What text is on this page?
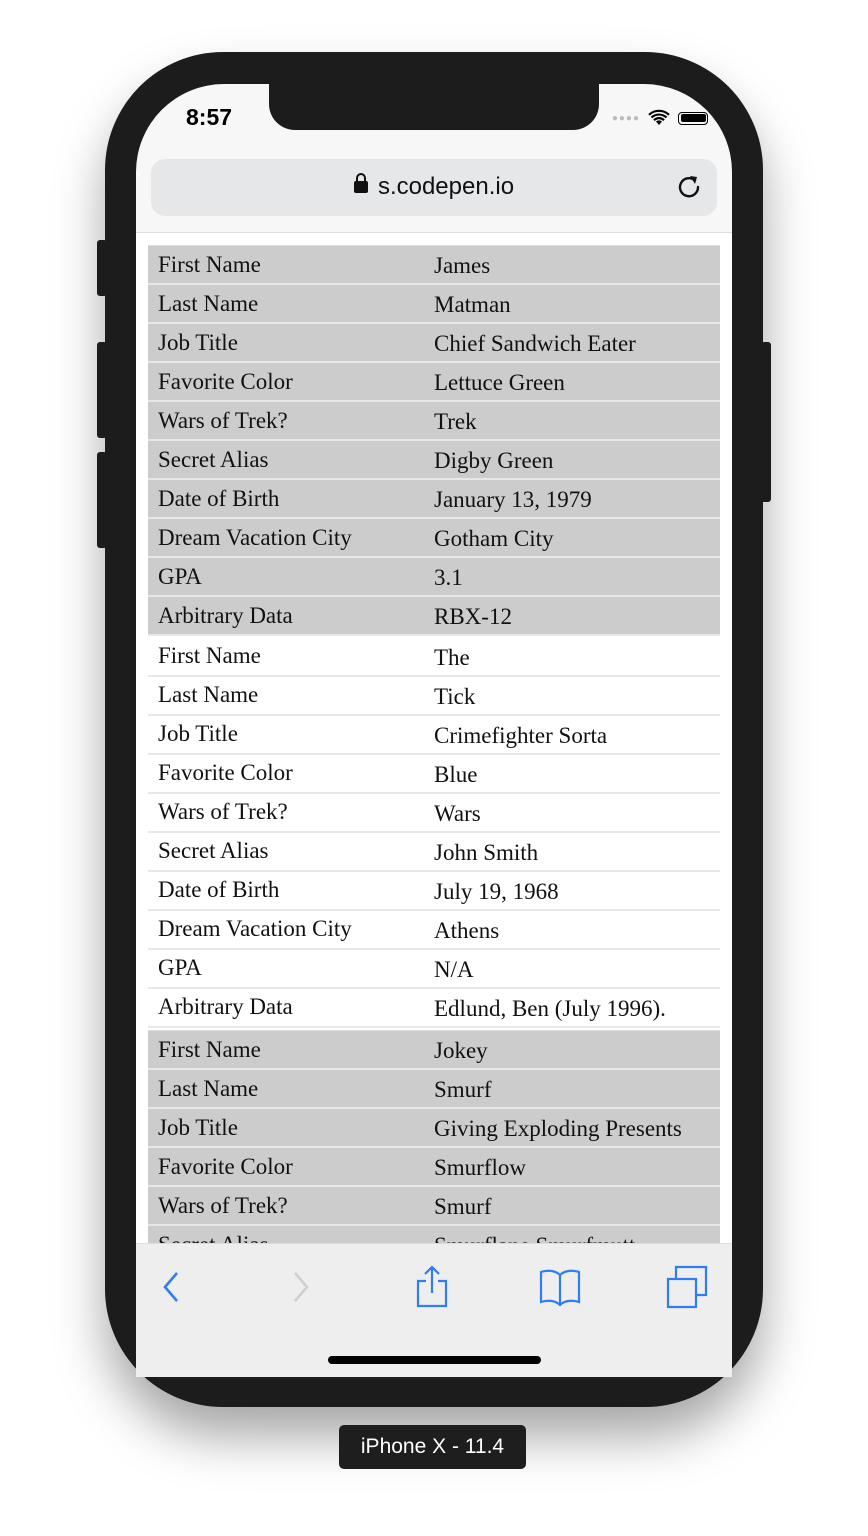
8:57	●●●●
s.codepen.io
First Name	James
Last Name	Matman
Job Title	Chief Sandwich Eater
Favorite Color	Lettuce Green
Wars of Trek?	Trek
Secret Alias	Digby Green
Date of Birth	January 13, 1979
Dream Vacation City	Gotham City
GPA	3.1
Arbitrary Data	RBX-12
First Name	The
Last Name	Tick
Job Title	Crimefighter Sorta
Favorite Color	Blue
Wars of Trek?	Wars
Secret Alias	John Smith
Date of Birth	July 19, 1968
Dream Vacation City	Athens
GPA	N/A
Arbitrary Data	Edlund, Ben (July 1996).
First Name	Jokey
Last Name	Smurf
Job Title	Giving Exploding Presents
Favorite Color	Smurflow
Wars of Trek?	Smurf

iPhone X - 11.4
